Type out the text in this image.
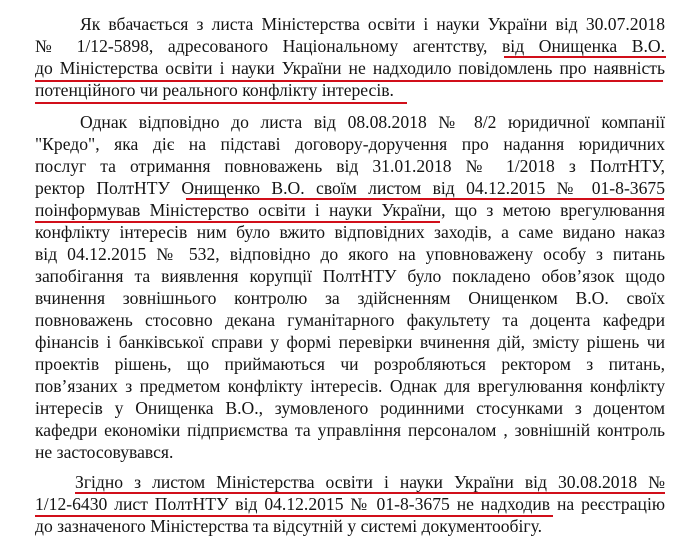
Як вбачається з листа Міністерства освіти і науки України від 30.07.2018
№ 1/12-5898, адресованого Національному агентству, від Онищенка В.О.
до Міністерства освіти і науки України не надходило повідомлень про наявність
потенційного чи реального конфлікту інтересів.
Однак відповідно до листа від 08.08.2018 № 8/2 юридичної компанії
"Кредо", яка діє на підставі договору-доручення про надання юридичних
послуг та отримання повноважень від 31.01.2018 № 1/2018 з ПолтНТУ,
ректор ПолтНТУ Онищенко В.О. своїм листом від 04.12.2015 № 01-8-3675
поінформував Міністерство освіти і науки України, що з метою врегулювання
конфлікту інтересів ним було вжито відповідних заходів, а саме видано наказ
від 04.12.2015 № 532, відповідно до якого на уповноважену особу з питань
запобігання та виявлення корупції ПолтНТУ було покладено обов’язок щодо
вчинення зовнішнього контролю за здійсненням Онищенком В.О. своїх
повноважень стосовно декана гуманітарного факультету та доцента кафедри
фінансів і банківської справи у формі перевірки вчинення дій, змісту рішень чи
проектів рішень, що приймаються чи розробляються ректором з питань,
пов’язаних з предметом конфлікту інтересів. Однак для врегулювання конфлікту
інтересів у Онищенка В.О., зумовленого родинними стосунками з доцентом
кафедри економіки підприємства та управління персоналом , зовнішній контроль
не застосовувався.
Згідно з листом Міністерства освіти і науки України від 30.08.2018 №
1/12-6430 лист ПолтНТУ від 04.12.2015 № 01-8-3675 не надходив на реєстрацію
до зазначеного Міністерства та відсутній у системі документообігу.
